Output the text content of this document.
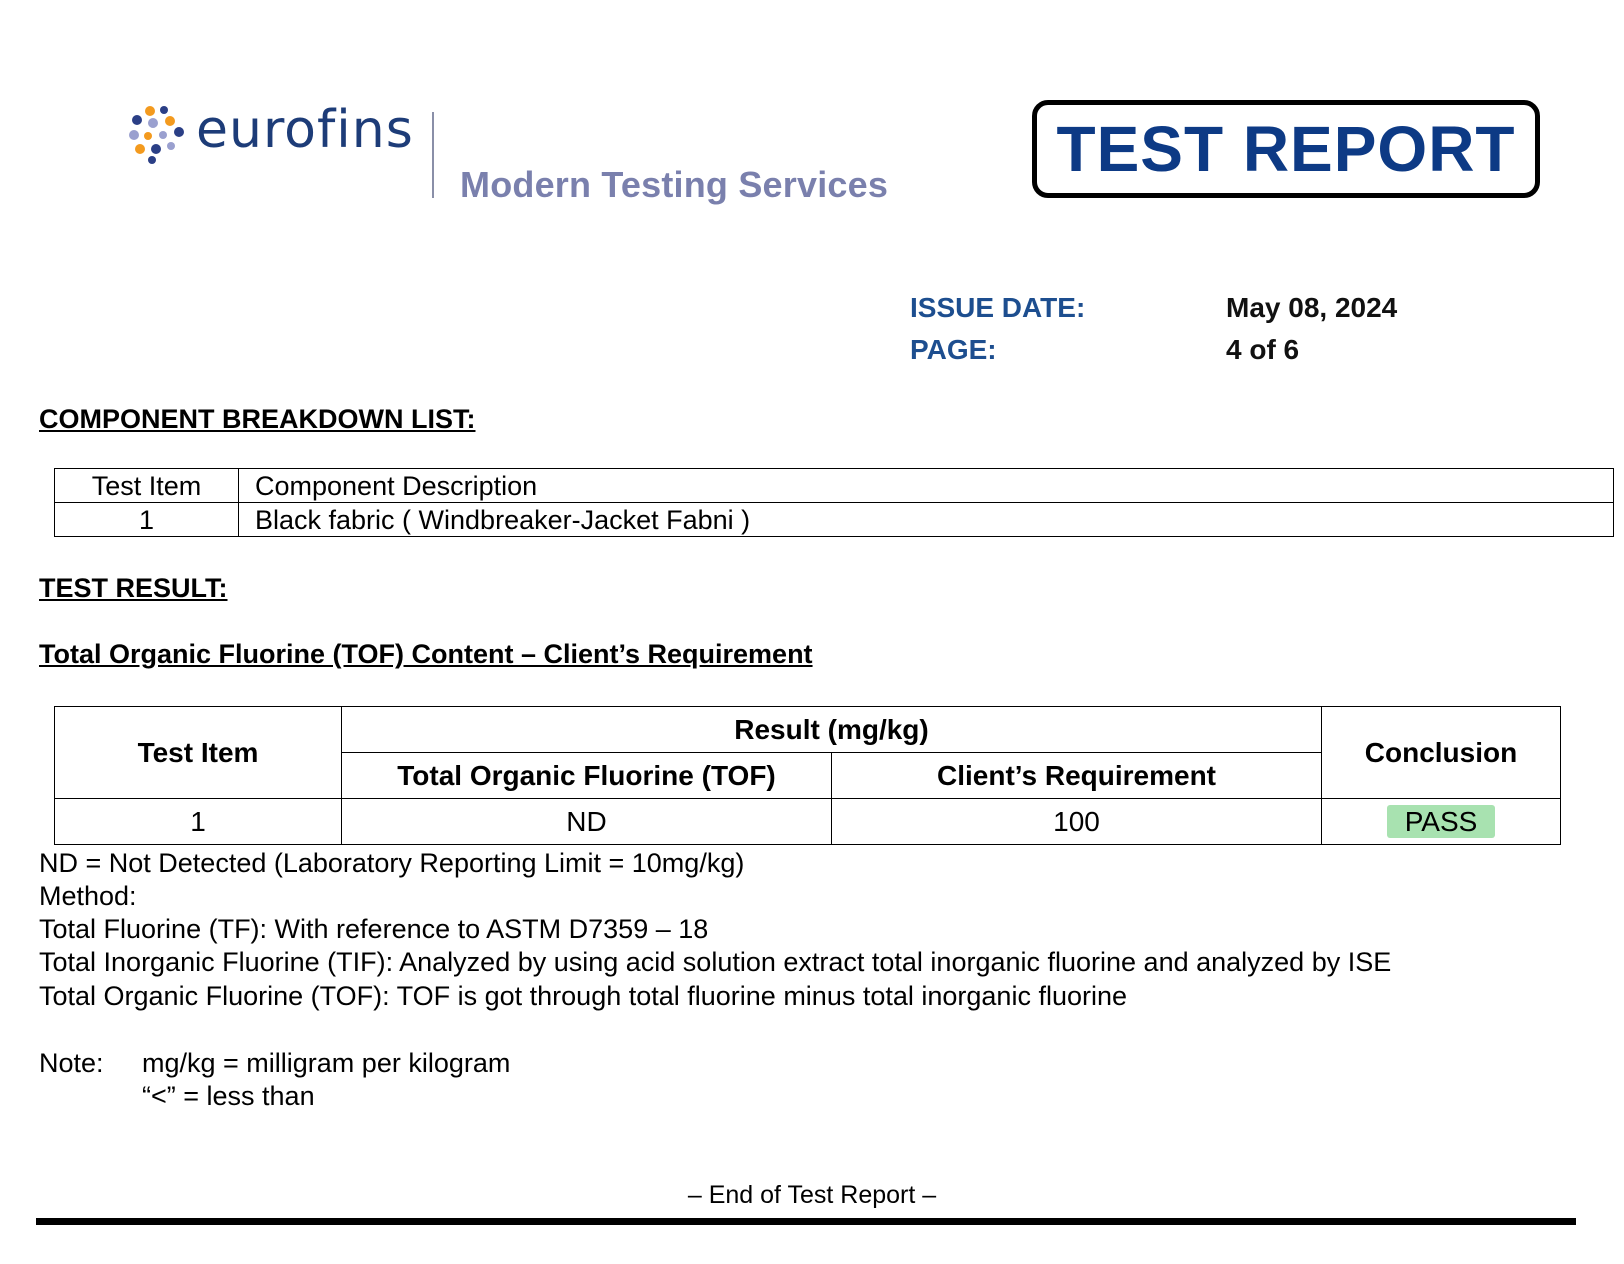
eurofins
Modern Testing Services	TEST REPORT
ISSUE DATE:	May 08, 2024
PAGE:	4 of 6
COMPONENT BREAKDOWN LIST:
Test Item	Component Description
1	Black fabric ( Windbreaker-Jacket Fabni )
TEST RESULT:
Total Organic Fluorine (TOF) Content – Client’s Requirement
Test Item	Result (mg/kg)		Conclusion
	Total Organic Fluorine (TOF)	Client’s Requirement	
1	ND	100	PASS
ND = Not Detected (Laboratory Reporting Limit = 10mg/kg)
Method:
Total Fluorine (TF): With reference to ASTM D7359 – 18
Total Inorganic Fluorine (TIF): Analyzed by using acid solution extract total inorganic fluorine and analyzed by ISE
Total Organic Fluorine (TOF): TOF is got through total fluorine minus total inorganic fluorine
Note: mg/kg = milligram per kilogram
“<” = less than
– End of Test Report –
